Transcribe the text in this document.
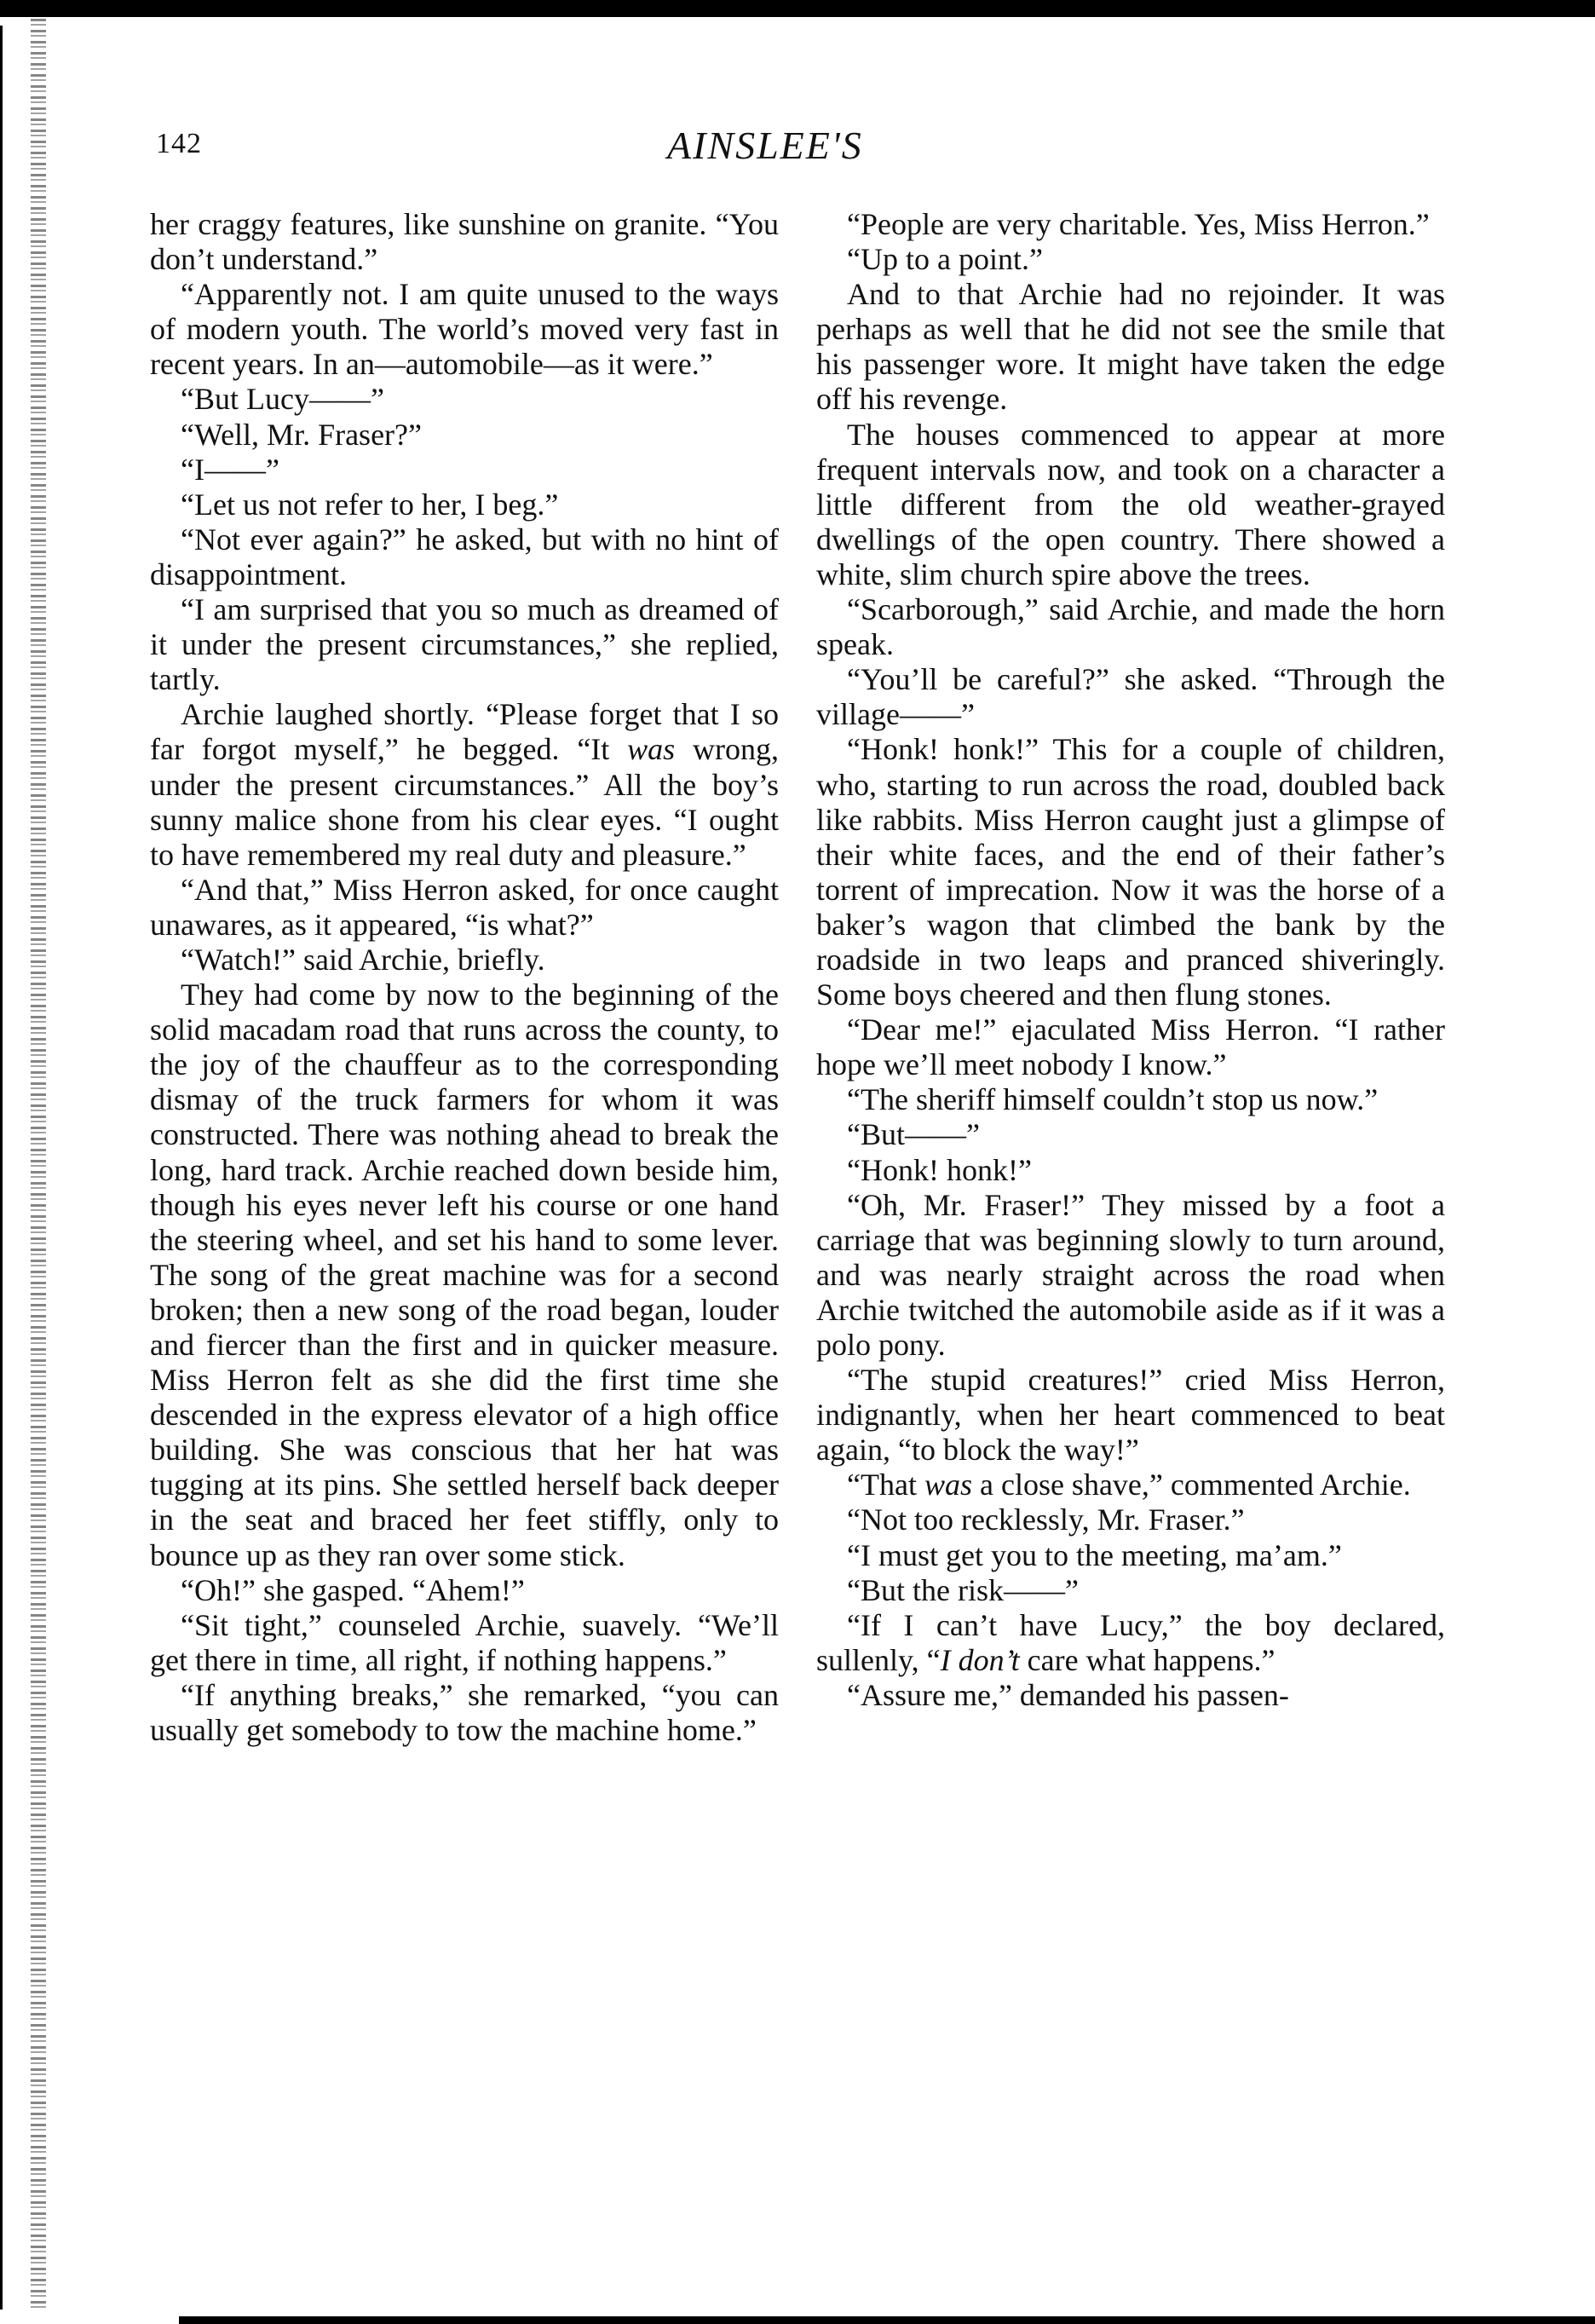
142	AINSLEE'S

her craggy features, like sunshine on granite. “You don’t understand.”

“Apparently not. I am quite unused to the ways of modern youth. The world’s moved very fast in recent years. In an—automobile—as it were.”

“But Lucy——”

“Well, Mr. Fraser?”

“I——”

“Let us not refer to her, I beg.”

“Not ever again?” he asked, but with no hint of disappointment.

“I am surprised that you so much as dreamed of it under the present circumstances,” she replied, tartly.

Archie laughed shortly. “Please forget that I so far forgot myself,” he begged. “It was wrong, under the present circumstances.” All the boy’s sunny malice shone from his clear eyes. “I ought to have remembered my real duty and pleasure.”

“And that,” Miss Herron asked, for once caught unawares, as it appeared, “is what?”

“Watch!” said Archie, briefly.

They had come by now to the beginning of the solid macadam road that runs across the county, to the joy of the chauffeur as to the corresponding dismay of the truck farmers for whom it was constructed. There was nothing ahead to break the long, hard track. Archie reached down beside him, though his eyes never left his course or one hand the steering wheel, and set his hand to some lever. The song of the great machine was for a second broken; then a new song of the road began, louder and fiercer than the first and in quicker measure. Miss Herron felt as she did the first time she descended in the express elevator of a high office building. She was conscious that her hat was tugging at its pins. She settled herself back deeper in the seat and braced her feet stiffly, only to bounce up as they ran over some stick.

“Oh!” she gasped. “Ahem!”

“Sit tight,” counseled Archie, suavely. “We’ll get there in time, all right, if nothing happens.”

“If anything breaks,” she remarked, “you can usually get somebody to tow the machine home.”

“People are very charitable. Yes, Miss Herron.”

“Up to a point.”

And to that Archie had no rejoinder. It was perhaps as well that he did not see the smile that his passenger wore. It might have taken the edge off his revenge.

The houses commenced to appear at more frequent intervals now, and took on a character a little different from the old weather-grayed dwellings of the open country. There showed a white, slim church spire above the trees.

“Scarborough,” said Archie, and made the horn speak.

“You’ll be careful?” she asked. “Through the village——”

“Honk! honk!” This for a couple of children, who, starting to run across the road, doubled back like rabbits. Miss Herron caught just a glimpse of their white faces, and the end of their father’s torrent of imprecation. Now it was the horse of a baker’s wagon that climbed the bank by the roadside in two leaps and pranced shiveringly. Some boys cheered and then flung stones.

“Dear me!” ejaculated Miss Herron. “I rather hope we’ll meet nobody I know.”

“The sheriff himself couldn’t stop us now.”

“But——”

“Honk! honk!”

“Oh, Mr. Fraser!” They missed by a foot a carriage that was beginning slowly to turn around, and was nearly straight across the road when Archie twitched the automobile aside as if it was a polo pony.

“The stupid creatures!” cried Miss Herron, indignantly, when her heart commenced to beat again, “to block the way!”

“That was a close shave,” commented Archie.

“Not too recklessly, Mr. Fraser.”

“I must get you to the meeting, ma’am.”

“But the risk——”

“If I can’t have Lucy,” the boy declared, sullenly, “I don’t care what happens.”

“Assure me,” demanded his passen-
